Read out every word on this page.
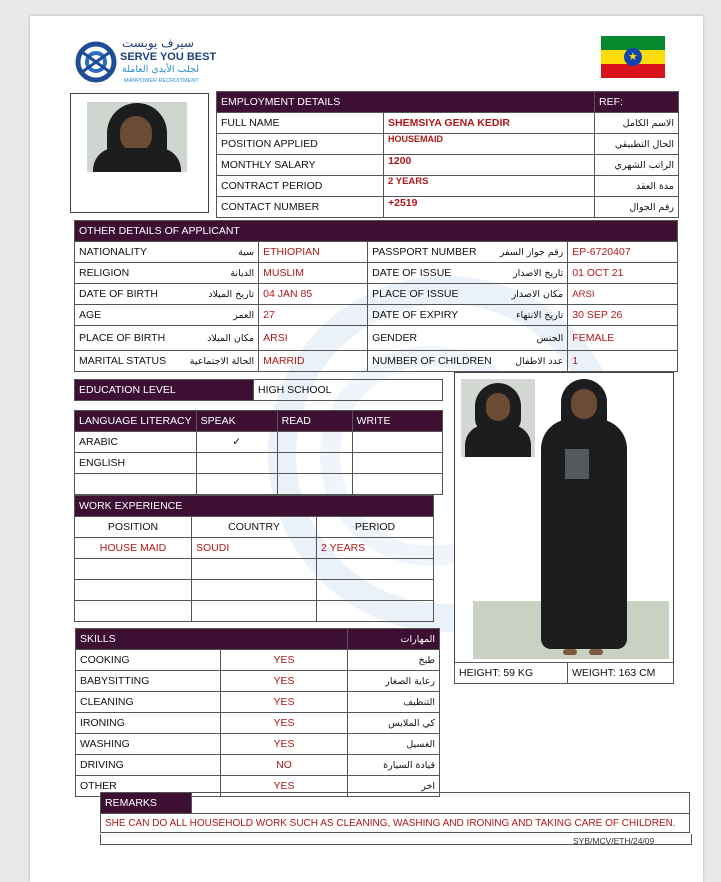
سيرف يوبست
SERVE YOU BEST
لجلب الأيدي العاملة
MANPOWER RECRUITMENT
★
EMPLOYMENT DETAILS		REF:
FULL NAME	SHEMSIYA GENA KEDIR	الاسم الكامل
POSITION APPLIED	HOUSEMAID	الحال التطبيقي
MONTHLY SALARY	1200	الراتب الشهري
CONTRACT PERIOD	2 YEARS	مدة العقد
CONTACT NUMBER	+2519	رقم الجوال
OTHER DETAILS OF APPLICANT
NATIONALITY	سية	ETHIOPIAN	PASSPORT NUMBER	رقم جواز السفر	EP-6720407
RELIGION	الديانة	MUSLIM	DATE OF ISSUE	تاريخ الاصدار	01 OCT 21
DATE OF BIRTH	تاريخ الميلاد	04 JAN 85	PLACE OF ISSUE	مكان الاصدار	ARSI
AGE	العمر	27	DATE OF EXPIRY	تاريخ الانتهاء	30 SEP 26
PLACE OF BIRTH	مكان الميلاد	ARSI	GENDER	الجنس	FEMALE
MARITAL STATUS	الحالة الاجتماعية	MARRID	NUMBER OF CHILDREN	عدد الاطفال	1
EDUCATION LEVEL	HIGH SCHOOL
LANGUAGE LITERACY	SPEAK	READ	WRITE
ARABIC	✓		
ENGLISH			

WORK EXPERIENCE		
POSITION	COUNTRY	PERIOD
HOUSE MAID	SOUDI	2 YEARS

SKILLS		المهارات
COOKING	YES	طبخ
BABYSITTING	YES	رعاية الصغار
CLEANING	YES	التنظيف
IRONING	YES	كي الملابس
WASHING	YES	الغسيل
DRIVING	NO	قيادة السيارة
OTHER	YES	اخر
HEIGHT: 59 KG	WEIGHT: 163 CM
REMARKS	
SHE CAN DO ALL HOUSEHOLD WORK SUCH AS CLEANING, WASHING AND IRONING AND TAKING CARE OF CHILDREN.
SYB/MCV/ETH/24/09
